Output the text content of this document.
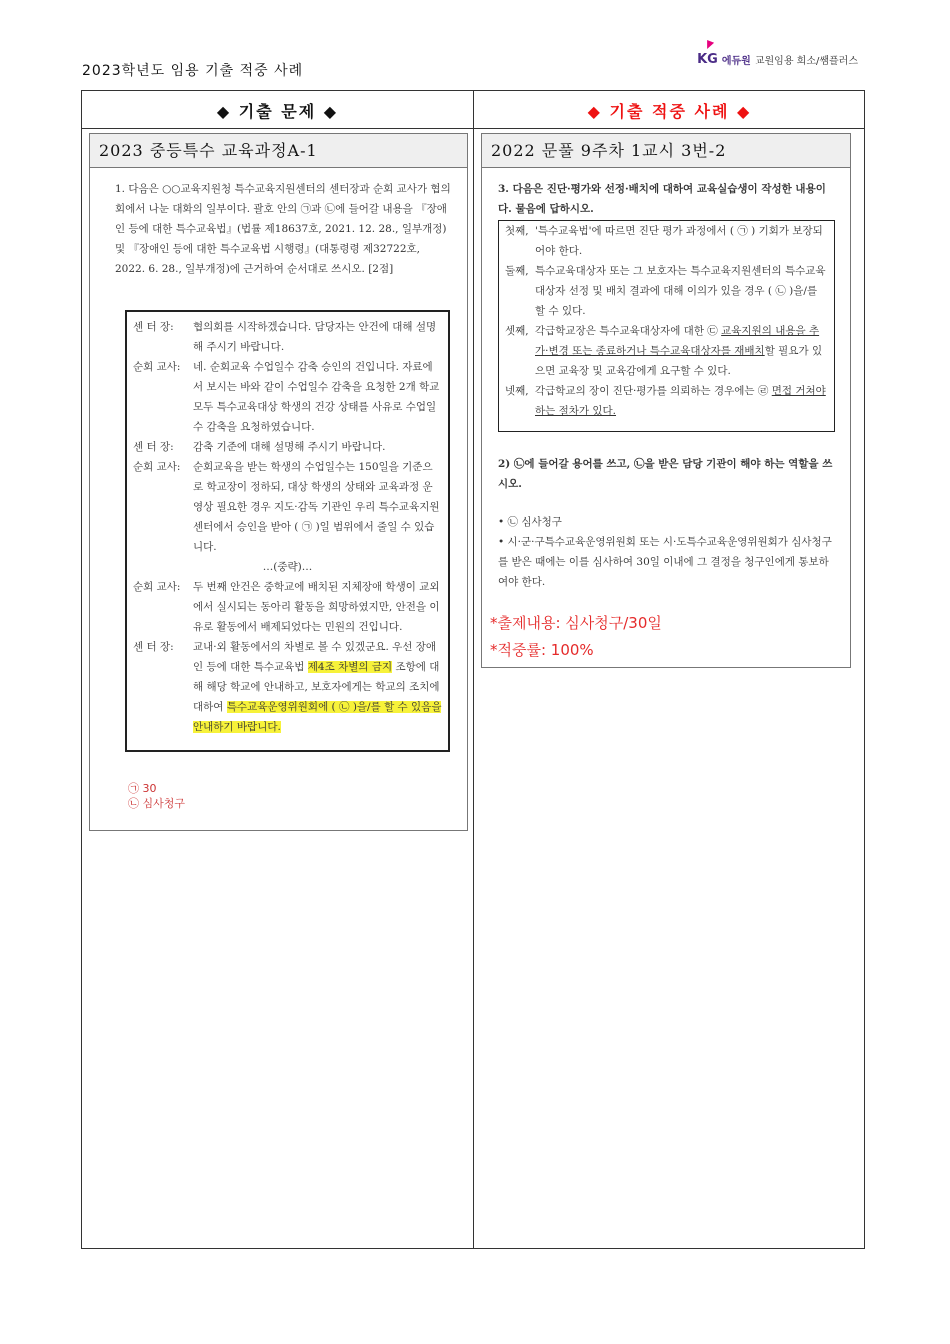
2023학년도 임용 기출 적중 사례
KG 에듀원 교원임용 희소/쌤플러스
◆ 기출 문제 ◆	◆ 기출 적중 사례 ◆
2023 중등특수 교육과정A-1
1. 다음은 ○○교육지원청 특수교육지원센터의 센터장과 순회 교사가 협의회에서 나눈 대화의 일부이다. 괄호 안의 ㉠과 ㉡에 들어갈 내용을 『장애인 등에 대한 특수교육법』(법률 제18637호, 2021. 12. 28., 일부개정) 및 『장애인 등에 대한 특수교육법 시행령』(대통령령 제32722호, 2022. 6. 28., 일부개정)에 근거하여 순서대로 쓰시오. [2점]
센 터 장:	협의회를 시작하겠습니다. 담당자는 안건에 대해 설명해 주시기 바랍니다.
순회 교사:	네. 순회교육 수업일수 감축 승인의 건입니다. 자료에서 보시는 바와 같이 수업일수 감축을 요청한 2개 학교 모두 특수교육대상 학생의 건강 상태를 사유로 수업일수 감축을 요청하였습니다.
센 터 장:	감축 기준에 대해 설명해 주시기 바랍니다.
순회 교사:	순회교육을 받는 학생의 수업일수는 150일을 기준으로 학교장이 정하되, 대상 학생의 상태와 교육과정 운영상 필요한 경우 지도·감독 기관인 우리 특수교육지원센터에서 승인을 받아 ( ㉠ )일 범위에서 줄일 수 있습니다.
…(중략)…
순회 교사:	두 번째 안건은 중학교에 배치된 지체장애 학생이 교외에서 실시되는 동아리 활동을 희망하였지만, 안전을 이유로 활동에서 배제되었다는 민원의 건입니다.
센 터 장:	교내·외 활동에서의 차별로 볼 수 있겠군요. 우선 장애인 등에 대한 특수교육법 제4조 차별의 금지 조항에 대해 해당 학교에 안내하고, 보호자에게는 학교의 조치에 대하여 특수교육운영위원회에 ( ㉡ )을/를 할 수 있음을 안내하기 바랍니다.
㉠ 30
㉡ 심사청구
2022 문풀 9주차 1교시 3번-2
3. 다음은 진단·평가와 선정·배치에 대하여 교육실습생이 작성한 내용이다. 물음에 답하시오.
첫째, '특수교육법'에 따르면 진단 평가 과정에서 ( ㉠ ) 기회가 보장되어야 한다.
둘째, 특수교육대상자 또는 그 보호자는 특수교육지원센터의 특수교육대상자 선정 및 배치 결과에 대해 이의가 있을 경우 ( ㉡ )을/를 할 수 있다.
셋째, 각급학교장은 특수교육대상자에 대한 ㉢ 교육지원의 내용을 추가·변경 또는 종료하거나 특수교육대상자를 재배치할 필요가 있으면 교육장 및 교육감에게 요구할 수 있다.
넷째, 각급학교의 장이 진단·평가를 의뢰하는 경우에는 ㉣ 면접 거쳐야하는 절차가 있다.
2) ㉡에 들어갈 용어를 쓰고, ㉡을 받은 담당 기관이 해야 하는 역할을 쓰시오.
• ㉡ 심사청구
• 시·군·구특수교육운영위원회 또는 시·도특수교육운영위원회가 심사청구를 받은 때에는 이를 심사하여 30일 이내에 그 결정을 청구인에게 통보하여야 한다.
*출제내용: 심사청구/30일
*적중률: 100%
